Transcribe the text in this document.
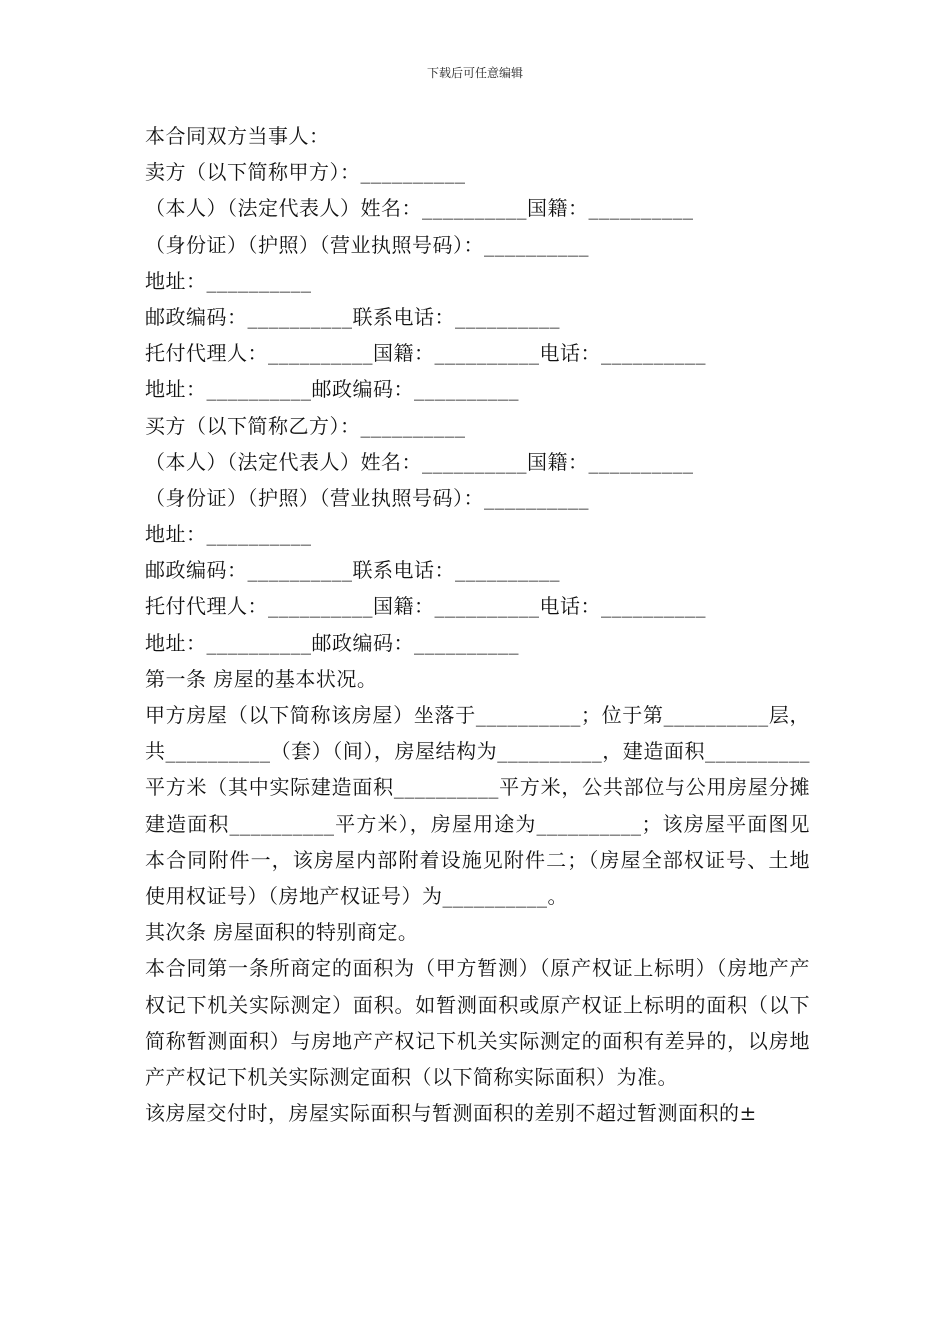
下载后可任意编辑
本合同双方当事人：
卖方（以下简称甲方）：__________
（本人）（法定代表人）姓名：__________国籍：__________
（身份证）（护照）（营业执照号码）：__________
地址：__________
邮政编码：__________联系电话：__________
托付代理人：__________国籍：__________电话：__________
地址：__________邮政编码：__________
买方（以下简称乙方）：__________
（本人）（法定代表人）姓名：__________国籍：__________
（身份证）（护照）（营业执照号码）：__________
地址：__________
邮政编码：__________联系电话：__________
托付代理人：__________国籍：__________电话：__________
地址：__________邮政编码：__________
第一条 房屋的基本状况。
甲方房屋（以下简称该房屋）坐落于__________；位于第__________层，共__________（套）（间），房屋结构为__________，建造面积__________平方米（其中实际建造面积__________平方米，公共部位与公用房屋分摊建造面积__________平方米），房屋用途为__________；该房屋平面图见本合同附件一，该房屋内部附着设施见附件二；（房屋全部权证号、土地使用权证号）（房地产权证号）为__________。
其次条 房屋面积的特别商定。
本合同第一条所商定的面积为（甲方暂测）（原产权证上标明）（房地产产权记下机关实际测定）面积。如暂测面积或原产权证上标明的面积（以下简称暂测面积）与房地产产权记下机关实际测定的面积有差异的，以房地产产权记下机关实际测定面积（以下简称实际面积）为准。
该房屋交付时，房屋实际面积与暂测面积的差别不超过暂测面积的±
